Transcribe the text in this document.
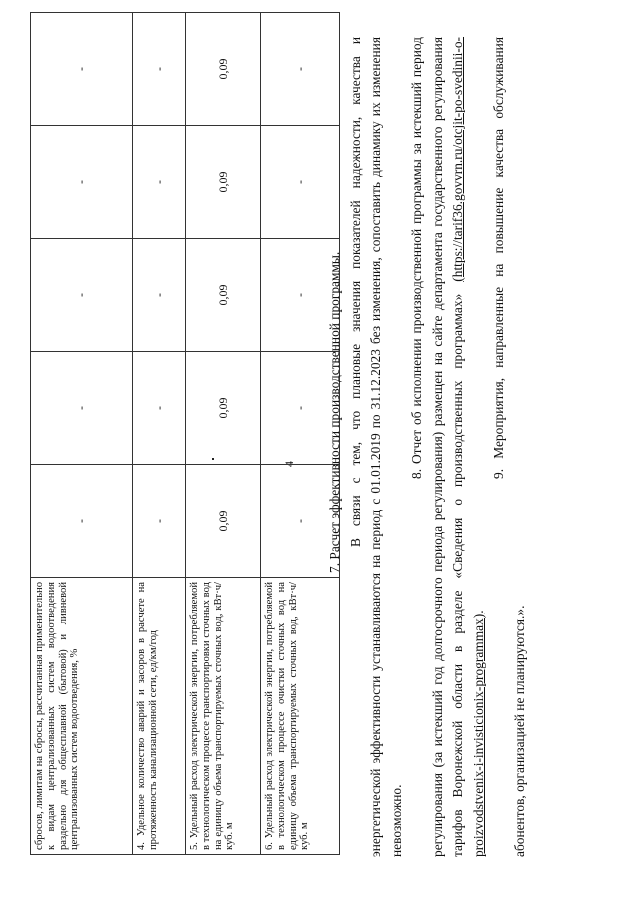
4
сбросов, лимитам на сбросы, рассчитанная применительно к видам централизованных систем водоотведения раздельно для общесплавной (бытовой) и ливневой централизованных систем водоотведения, %	-	-	-	-	-
4. Удельное количество аварий и засоров в расчете на протяженность канализационной сети, ед/км/год	-	-	-	-	-
5. Удельный расход электрической энергии, потребляемой в технологическом процессе транспортировки сточных вод на единицу объема транспортируемых сточных вод, кВт·ч/куб. м	0,09	0,09	0,09	0,09	0,09
6. Удельный расход электрической энергии, потребляемой в технологическом процессе очистки сточных вод на единицу объема транспортируемых сточных вод, кВт·ч/куб. м	-	-	-	-	-

7. Расчет эффективности производственной программы. В связи с тем, что плановые значения показателей надежности, качества и энергетической эффективности устанавливаются на период с 01.01.2019 по 31.12.2023 без изменения, сопоставить динамику их изменения невозможно.

8. Отчет об исполнении производственной программы за истекший период регулирования (за истекший год долгосрочного периода регулирования) размещен на сайте департамента государственного регулирования тарифов Воронежской области в разделе «Сведения о производственных программах» (https://tarif36.govvrn.ru/otcjit-po-svedinii-o-proizvodstvenix-i-invisticionix-programmax).

9. Мероприятия, направленные на повышение качества обслуживания абонентов, организацией не планируются.».
